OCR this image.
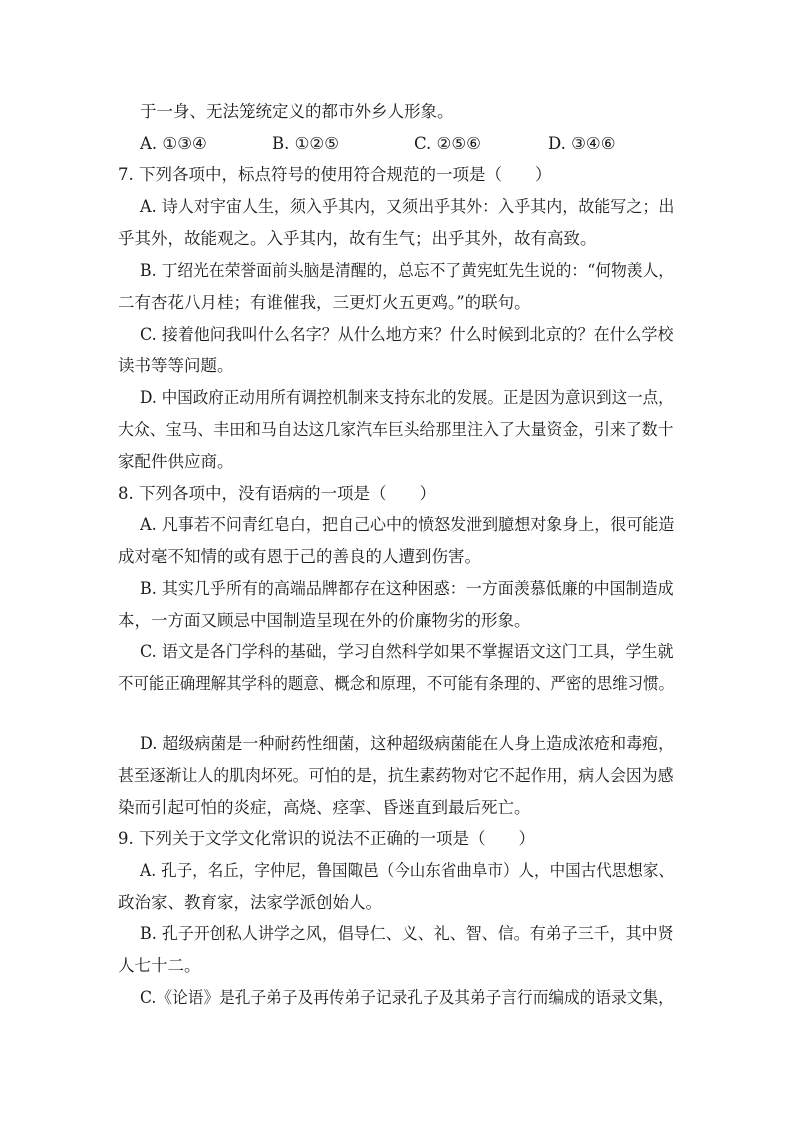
于一身、无法笼统定义的都市外乡人形象。
A. ①③④	B. ①②⑤	C. ②⑤⑥	D. ③④⑥
7. 下列各项中，标点符号的使用符合规范的一项是（　　）
A. 诗人对宇宙人生，须入乎其内，又须出乎其外：入乎其内，故能写之；出
乎其外，故能观之。入乎其内，故有生气；出乎其外，故有高致。
B. 丁绍光在荣誉面前头脑是清醒的，总忘不了黄宪虹先生说的：“何物羡人，
二有杏花八月桂；有谁催我，三更灯火五更鸡。”的联句。
C. 接着他问我叫什么名字？从什么地方来？什么时候到北京的？在什么学校
读书等等问题。
D. 中国政府正动用所有调控机制来支持东北的发展。正是因为意识到这一点，
大众、宝马、丰田和马自达这几家汽车巨头给那里注入了大量资金，引来了数十
家配件供应商。
8. 下列各项中，没有语病的一项是（　　）
A. 凡事若不问青红皂白，把自己心中的愤怒发泄到臆想对象身上，很可能造
成对毫不知情的或有恩于己的善良的人遭到伤害。
B. 其实几乎所有的高端品牌都存在这种困惑：一方面羡慕低廉的中国制造成
本，一方面又顾忌中国制造呈现在外的价廉物劣的形象。
C. 语文是各门学科的基础，学习自然科学如果不掌握语文这门工具，学生就
不可能正确理解其学科的题意、概念和原理，不可能有条理的、严密的思维习惯。
D. 超级病菌是一种耐药性细菌，这种超级病菌能在人身上造成浓疮和毒疱，
甚至逐渐让人的肌肉坏死。可怕的是，抗生素药物对它不起作用，病人会因为感
染而引起可怕的炎症，高烧、痉挛、昏迷直到最后死亡。
9. 下列关于文学文化常识的说法不正确的一项是（　　）
A. 孔子，名丘，字仲尼，鲁国陬邑（今山东省曲阜市）人，中国古代思想家、
政治家、教育家，法家学派创始人。
B. 孔子开创私人讲学之风，倡导仁、义、礼、智、信。有弟子三千，其中贤
人七十二。
C.《论语》是孔子弟子及再传弟子记录孔子及其弟子言行而编成的语录文集，
